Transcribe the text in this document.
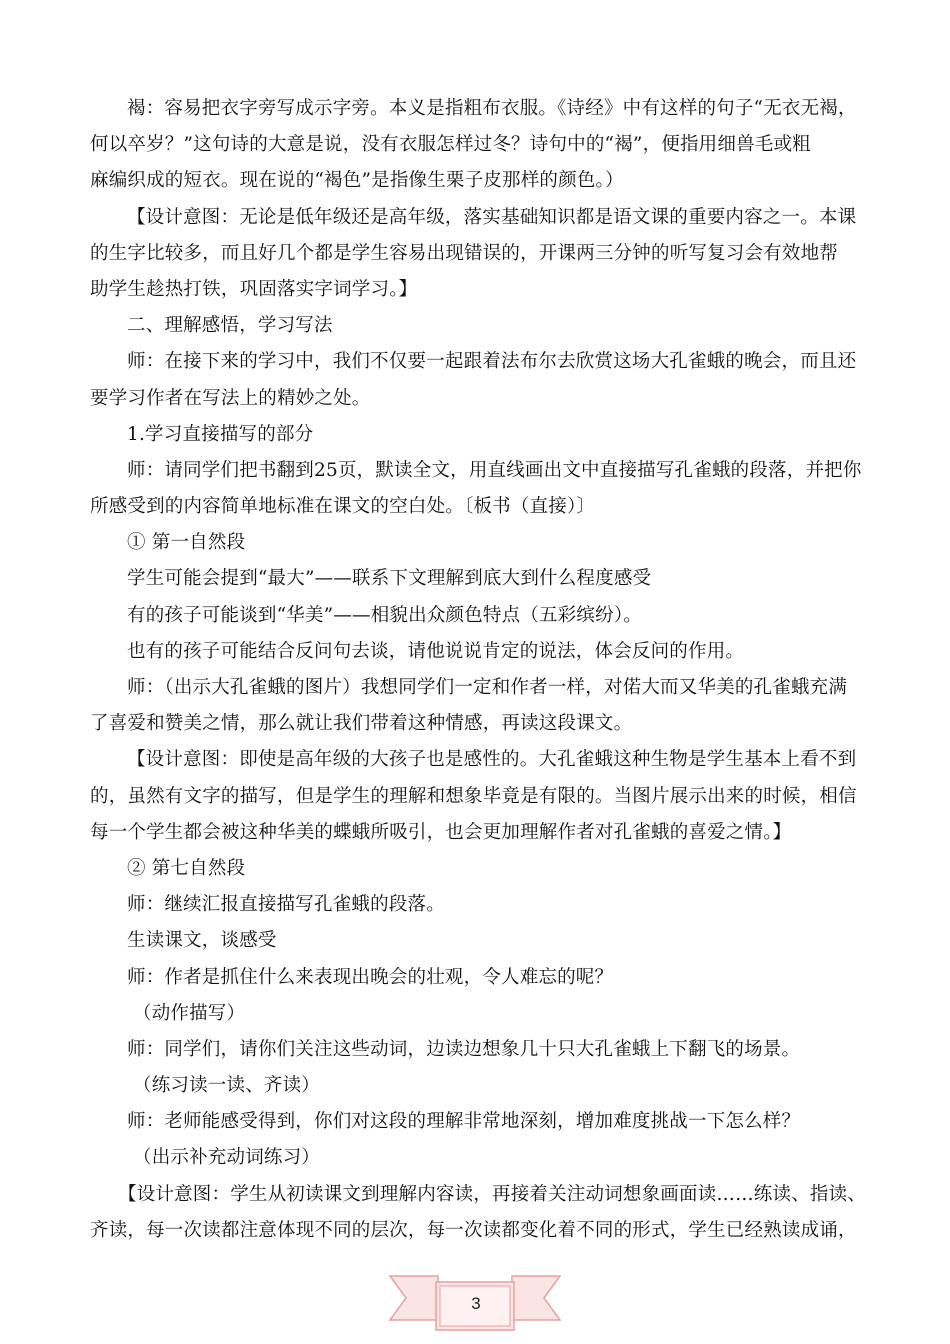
褐：容易把衣字旁写成示字旁。本义是指粗布衣服。《诗经》中有这样的句子“无衣无褐，
何以卒岁？”这句诗的大意是说，没有衣服怎样过冬？诗句中的“褐”，便指用细兽毛或粗
麻编织成的短衣。现在说的“褐色”是指像生栗子皮那样的颜色。）
【设计意图：无论是低年级还是高年级，落实基础知识都是语文课的重要内容之一。本课
的生字比较多，而且好几个都是学生容易出现错误的，开课两三分钟的听写复习会有效地帮
助学生趁热打铁，巩固落实字词学习。】
二、理解感悟，学习写法
师：在接下来的学习中，我们不仅要一起跟着法布尔去欣赏这场大孔雀蛾的晚会，而且还
要学习作者在写法上的精妙之处。
1.学习直接描写的部分
师：请同学们把书翻到25页，默读全文，用直线画出文中直接描写孔雀蛾的段落，并把你
所感受到的内容简单地标准在课文的空白处。〔板书（直接）〕
① 第一自然段
学生可能会提到“最大”——联系下文理解到底大到什么程度感受
有的孩子可能谈到“华美”——相貌出众颜色特点（五彩缤纷）。
也有的孩子可能结合反问句去谈，请他说说肯定的说法，体会反问的作用。
师：（出示大孔雀蛾的图片）我想同学们一定和作者一样，对偌大而又华美的孔雀蛾充满
了喜爱和赞美之情，那么就让我们带着这种情感，再读这段课文。
【设计意图：即使是高年级的大孩子也是感性的。大孔雀蛾这种生物是学生基本上看不到
的，虽然有文字的描写，但是学生的理解和想象毕竟是有限的。当图片展示出来的时候，相信
每一个学生都会被这种华美的蝶蛾所吸引，也会更加理解作者对孔雀蛾的喜爱之情。】
② 第七自然段
师：继续汇报直接描写孔雀蛾的段落。
生读课文，谈感受
师：作者是抓住什么来表现出晚会的壮观，令人难忘的呢？
（动作描写）
师：同学们，请你们关注这些动词，边读边想象几十只大孔雀蛾上下翻飞的场景。
（练习读一读、齐读）
师：老师能感受得到，你们对这段的理解非常地深刻，增加难度挑战一下怎么样？
（出示补充动词练习）
【设计意图：学生从初读课文到理解内容读，再接着关注动词想象画面读……练读、指读、
齐读，每一次读都注意体现不同的层次，每一次读都变化着不同的形式，学生已经熟读成诵，
3
